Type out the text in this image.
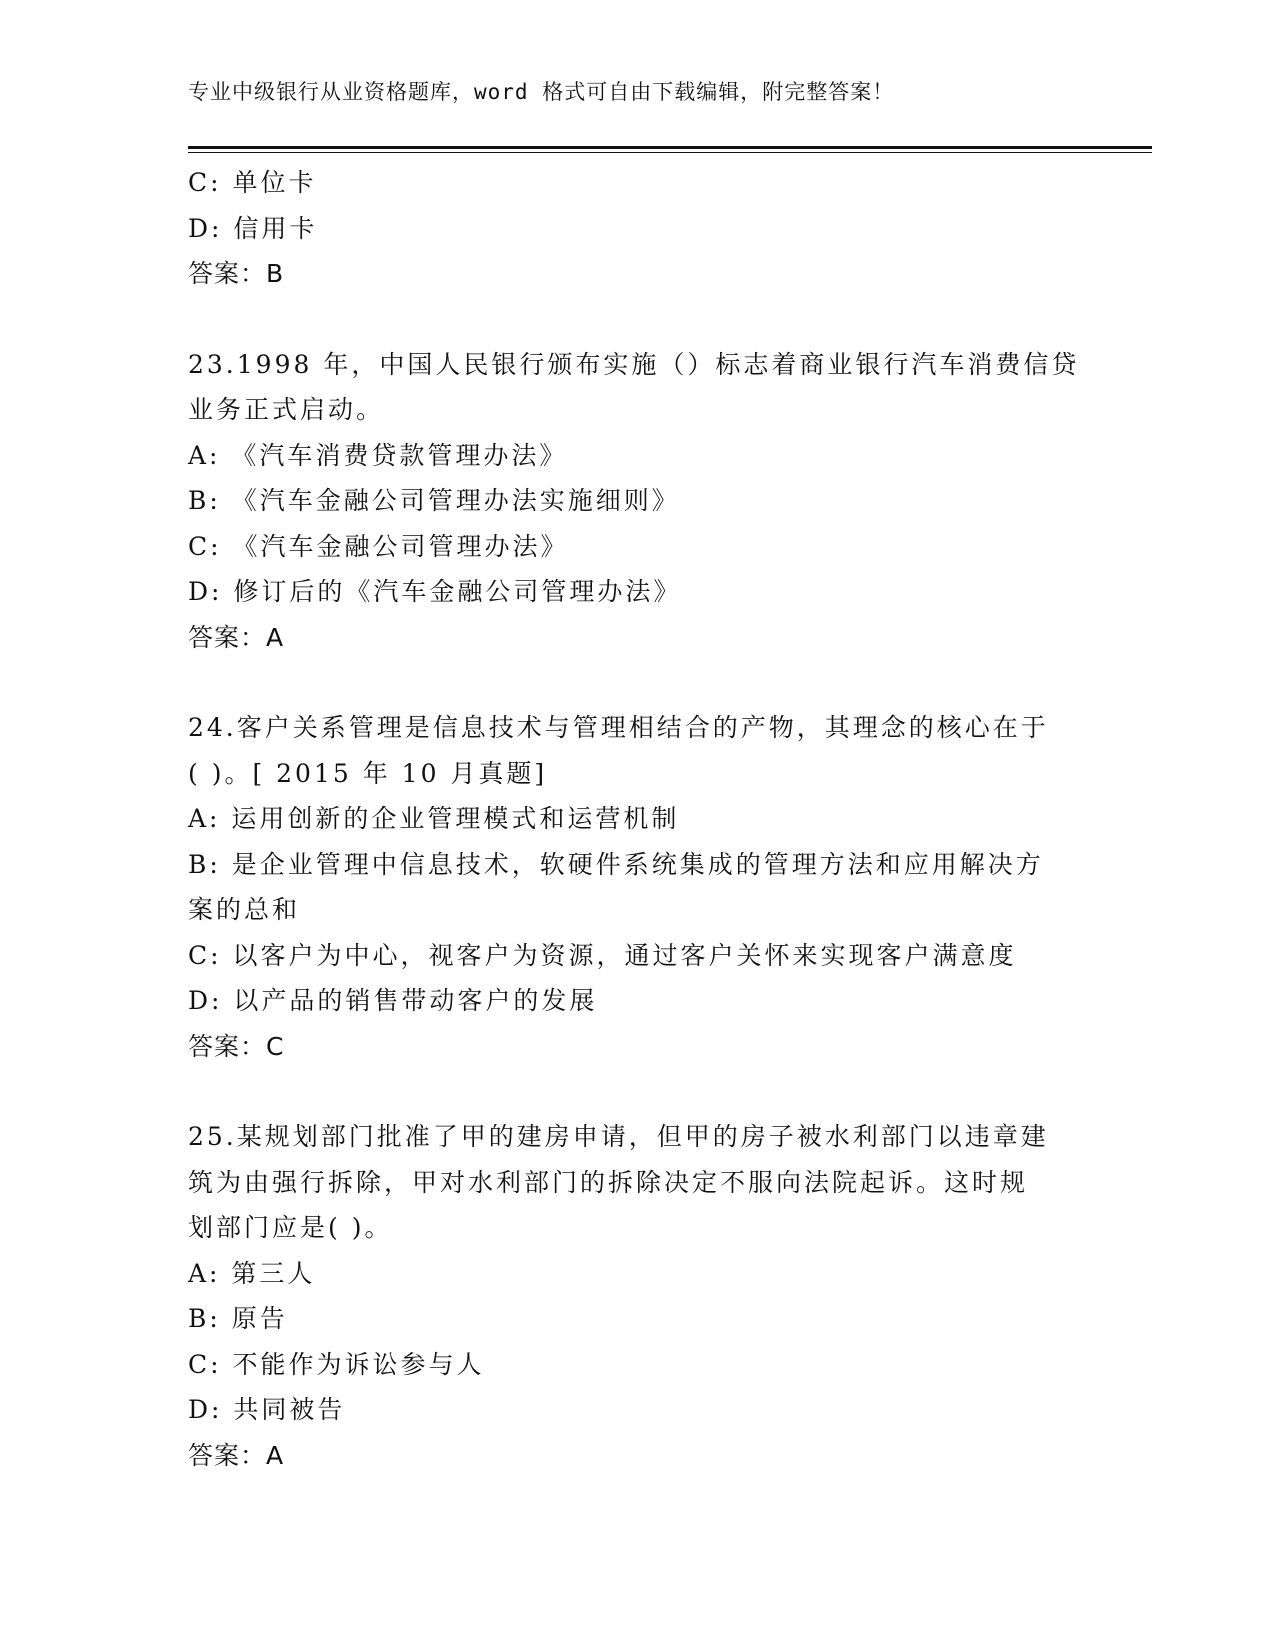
专业中级银行从业资格题库，word 格式可自由下载编辑，附完整答案！
C: 单位卡
D: 信用卡
答案：B
23.1998 年，中国人民银行颁布实施（）标志着商业银行汽车消费信贷
业务正式启动。
A: 《汽车消费贷款管理办法》
B: 《汽车金融公司管理办法实施细则》
C: 《汽车金融公司管理办法》
D: 修订后的《汽车金融公司管理办法》
答案：A
24.客户关系管理是信息技术与管理相结合的产物，其理念的核心在于
( )。[ 2015 年 10 月真题]
A: 运用创新的企业管理模式和运营机制
B: 是企业管理中信息技术，软硬件系统集成的管理方法和应用解决方
案的总和
C: 以客户为中心，视客户为资源，通过客户关怀来实现客户满意度
D: 以产品的销售带动客户的发展
答案：C
25.某规划部门批准了甲的建房申请，但甲的房子被水利部门以违章建
筑为由强行拆除，甲对水利部门的拆除决定不服向法院起诉。这时规
划部门应是( )。
A: 第三人
B: 原告
C: 不能作为诉讼参与人
D: 共同被告
答案：A
